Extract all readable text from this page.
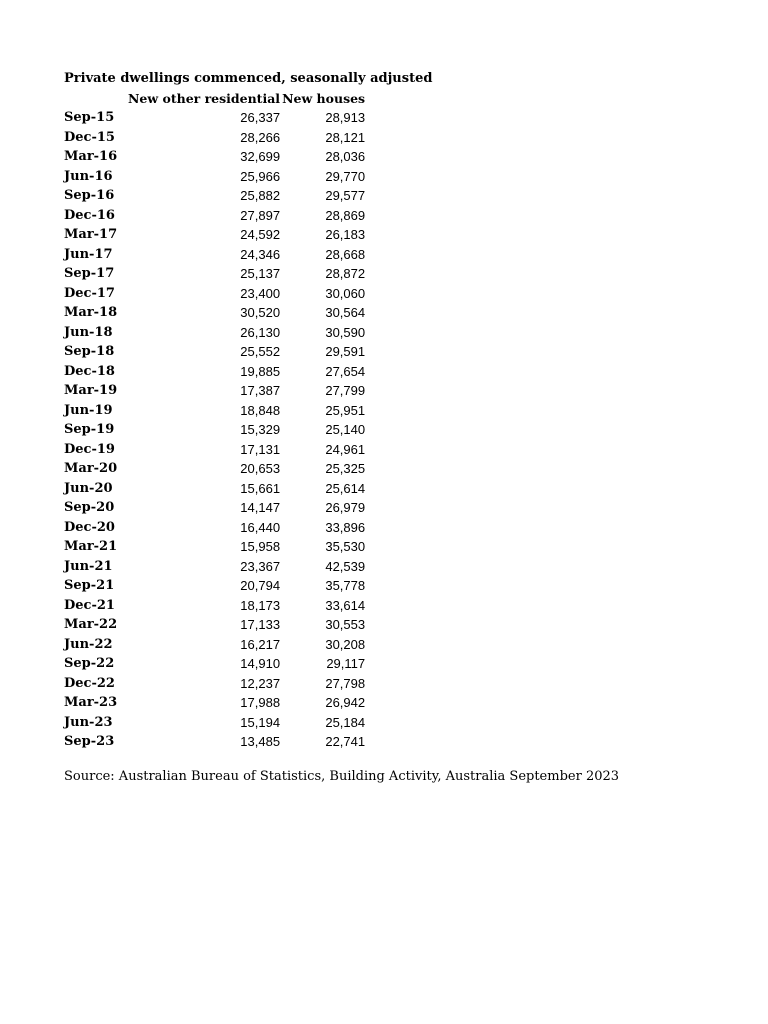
Private dwellings commenced, seasonally adjusted
	New other residential	New houses
Sep-15	26,337	28,913
Dec-15	28,266	28,121
Mar-16	32,699	28,036
Jun-16	25,966	29,770
Sep-16	25,882	29,577
Dec-16	27,897	28,869
Mar-17	24,592	26,183
Jun-17	24,346	28,668
Sep-17	25,137	28,872
Dec-17	23,400	30,060
Mar-18	30,520	30,564
Jun-18	26,130	30,590
Sep-18	25,552	29,591
Dec-18	19,885	27,654
Mar-19	17,387	27,799
Jun-19	18,848	25,951
Sep-19	15,329	25,140
Dec-19	17,131	24,961
Mar-20	20,653	25,325
Jun-20	15,661	25,614
Sep-20	14,147	26,979
Dec-20	16,440	33,896
Mar-21	15,958	35,530
Jun-21	23,367	42,539
Sep-21	20,794	35,778
Dec-21	18,173	33,614
Mar-22	17,133	30,553
Jun-22	16,217	30,208
Sep-22	14,910	29,117
Dec-22	12,237	27,798
Mar-23	17,988	26,942
Jun-23	15,194	25,184
Sep-23	13,485	22,741
Source: Australian Bureau of Statistics, Building Activity, Australia September 2023
